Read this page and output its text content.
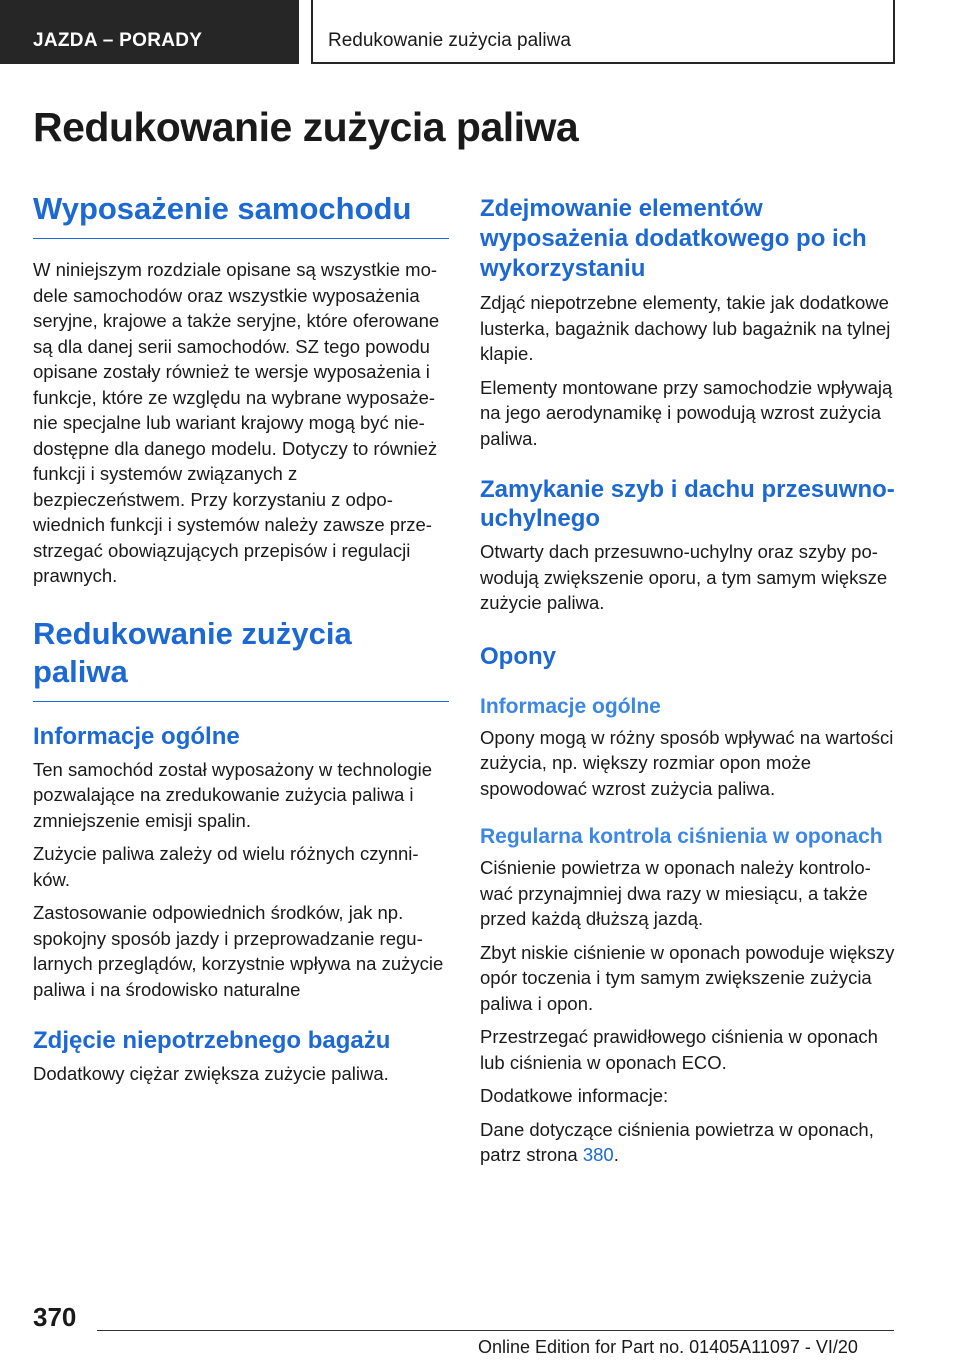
JAZDA – PORADY	Redukowanie zużycia paliwa
Redukowanie zużycia paliwa
Wyposażenie samochodu

W niniejszym rozdziale opisane są wszystkie modele samochodów oraz wszystkie wyposażenia seryjne, krajowe a także seryjne, które oferowane są dla danej serii samochodów. SZ tego powodu opisane zostały również te wersje wyposażenia i funkcje, które ze względu na wybrane wyposażenie specjalne lub wariant krajowy mogą być niedostępne dla danego modelu. Dotyczy to również funkcji i systemów związanych z bezpieczeństwem. Przy korzystaniu z odpowiednich funkcji i systemów należy zawsze przestrzegać obowiązujących przepisów i regulacji prawnych.

Redukowanie zużycia paliwa
Informacje ogólne

Ten samochód został wyposażony w technologie pozwalające na zredukowanie zużycia paliwa i zmniejszenie emisji spalin.

Zużycie paliwa zależy od wielu różnych czynników.

Zastosowanie odpowiednich środków, jak np. spokojny sposób jazdy i przeprowadzanie regularnych przeglądów, korzystnie wpływa na zużycie paliwa i na środowisko naturalne

Zdjęcie niepotrzebnego bagażu

Dodatkowy ciężar zwiększa zużycie paliwa.

Zdejmowanie elementów wyposażenia dodatkowego po ich wykorzystaniu

Zdjąć niepotrzebne elementy, takie jak dodatkowe lusterka, bagażnik dachowy lub bagażnik na tylnej klapie.

Elementy montowane przy samochodzie wpływają na jego aerodynamikę i powodują wzrost zużycia paliwa.

Zamykanie szyb i dachu przesuwno-uchylnego

Otwarty dach przesuwno-uchylny oraz szyby powodują zwiększenie oporu, a tym samym większe zużycie paliwa.

Opony
Informacje ogólne

Opony mogą w różny sposób wpływać na wartości zużycia, np. większy rozmiar opon może spowodować wzrost zużycia paliwa.

Regularna kontrola ciśnienia w oponach

Ciśnienie powietrza w oponach należy kontrolować przynajmniej dwa razy w miesiącu, a także przed każdą dłuższą jazdą.

Zbyt niskie ciśnienie w oponach powoduje większy opór toczenia i tym samym zwiększenie zużycia paliwa i opon.

Przestrzegać prawidłowego ciśnienia w oponach lub ciśnienia w oponach ECO.

Dodatkowe informacje:

Dane dotyczące ciśnienia powietrza w oponach, patrz strona 380.

370
Online Edition for Part no. 01405A11097 - VI/20
